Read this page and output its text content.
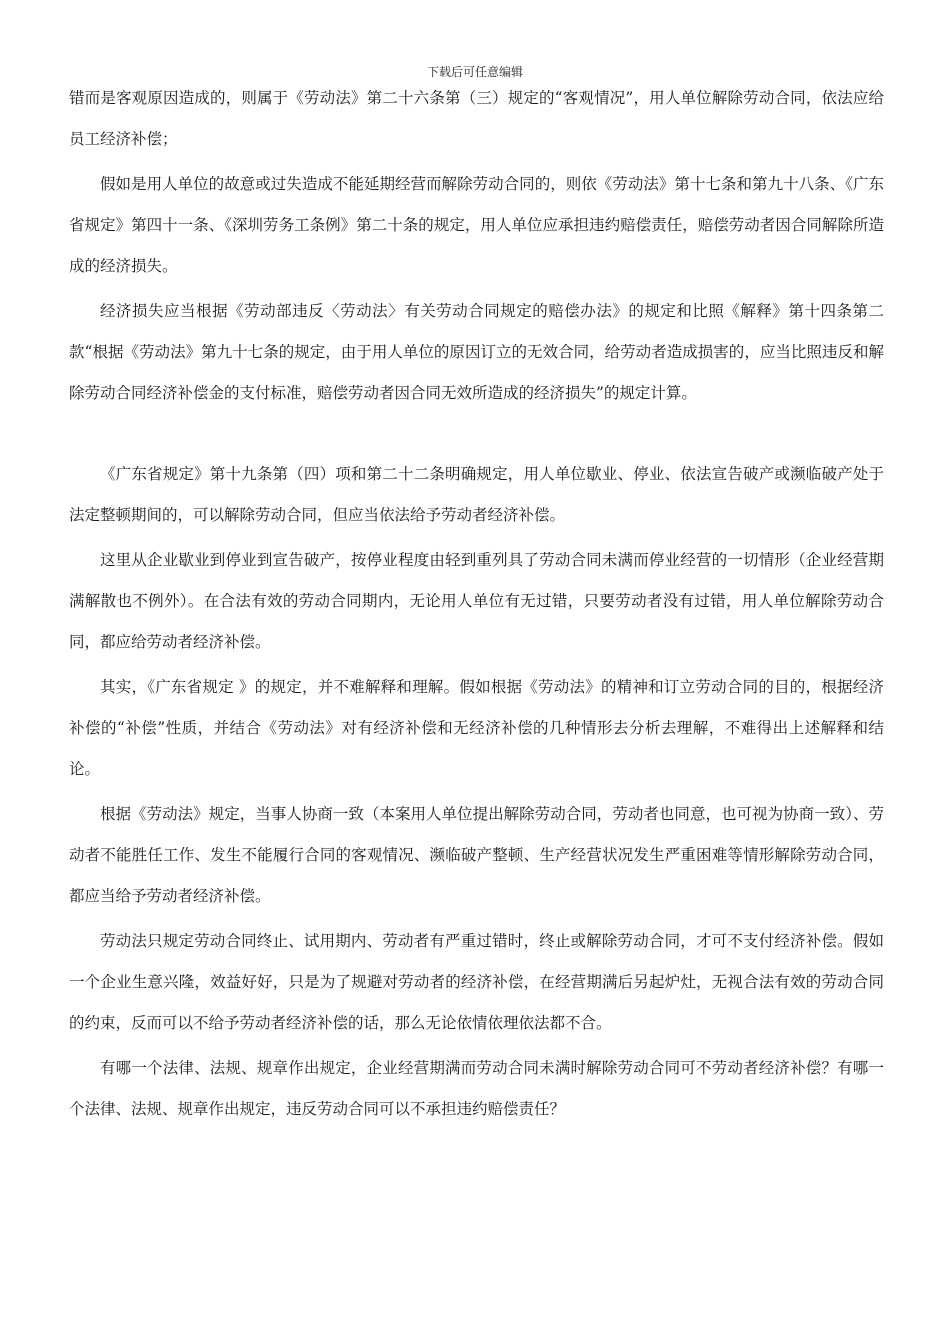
下载后可任意编辑

错而是客观原因造成的，则属于《劳动法》第二十六条第（三）规定的“客观情况”，用人单位解除劳动合同，依法应给员工经济补偿；

假如是用人单位的故意或过失造成不能延期经营而解除劳动合同的，则依《劳动法》第十七条和第九十八条、《广东省规定》第四十一条、《深圳劳务工条例》第二十条的规定，用人单位应承担违约赔偿责任，赔偿劳动者因合同解除所造成的经济损失。

经济损失应当根据《劳动部违反〈劳动法〉有关劳动合同规定的赔偿办法》的规定和比照《解释》第十四条第二款“根据《劳动法》第九十七条的规定，由于用人单位的原因订立的无效合同，给劳动者造成损害的，应当比照违反和解除劳动合同经济补偿金的支付标准，赔偿劳动者因合同无效所造成的经济损失”的规定计算。

《广东省规定》第十九条第（四）项和第二十二条明确规定，用人单位歇业、停业、依法宣告破产或濒临破产处于法定整顿期间的，可以解除劳动合同，但应当依法给予劳动者经济补偿。

这里从企业歇业到停业到宣告破产，按停业程度由轻到重列具了劳动合同未满而停业经营的一切情形（企业经营期满解散也不例外）。在合法有效的劳动合同期内，无论用人单位有无过错，只要劳动者没有过错，用人单位解除劳动合同，都应给劳动者经济补偿。

其实，《广东省规定 》的规定，并不难解释和理解。假如根据《劳动法》的精神和订立劳动合同的目的，根据经济补偿的“补偿”性质，并结合《劳动法》对有经济补偿和无经济补偿的几种情形去分析去理解，不难得出上述解释和结论。

根据《劳动法》规定，当事人协商一致（本案用人单位提出解除劳动合同，劳动者也同意，也可视为协商一致）、劳动者不能胜任工作、发生不能履行合同的客观情况、濒临破产整顿、生产经营状况发生严重困难等情形解除劳动合同，都应当给予劳动者经济补偿。

劳动法只规定劳动合同终止、试用期内、劳动者有严重过错时，终止或解除劳动合同，才可不支付经济补偿。假如一个企业生意兴隆，效益好好，只是为了规避对劳动者的经济补偿，在经营期满后另起炉灶，无视合法有效的劳动合同的约束，反而可以不给予劳动者经济补偿的话，那么无论依情依理依法都不合。

有哪一个法律、法规、规章作出规定，企业经营期满而劳动合同未满时解除劳动合同可不劳动者经济补偿？有哪一个法律、法规、规章作出规定，违反劳动合同可以不承担违约赔偿责任？
